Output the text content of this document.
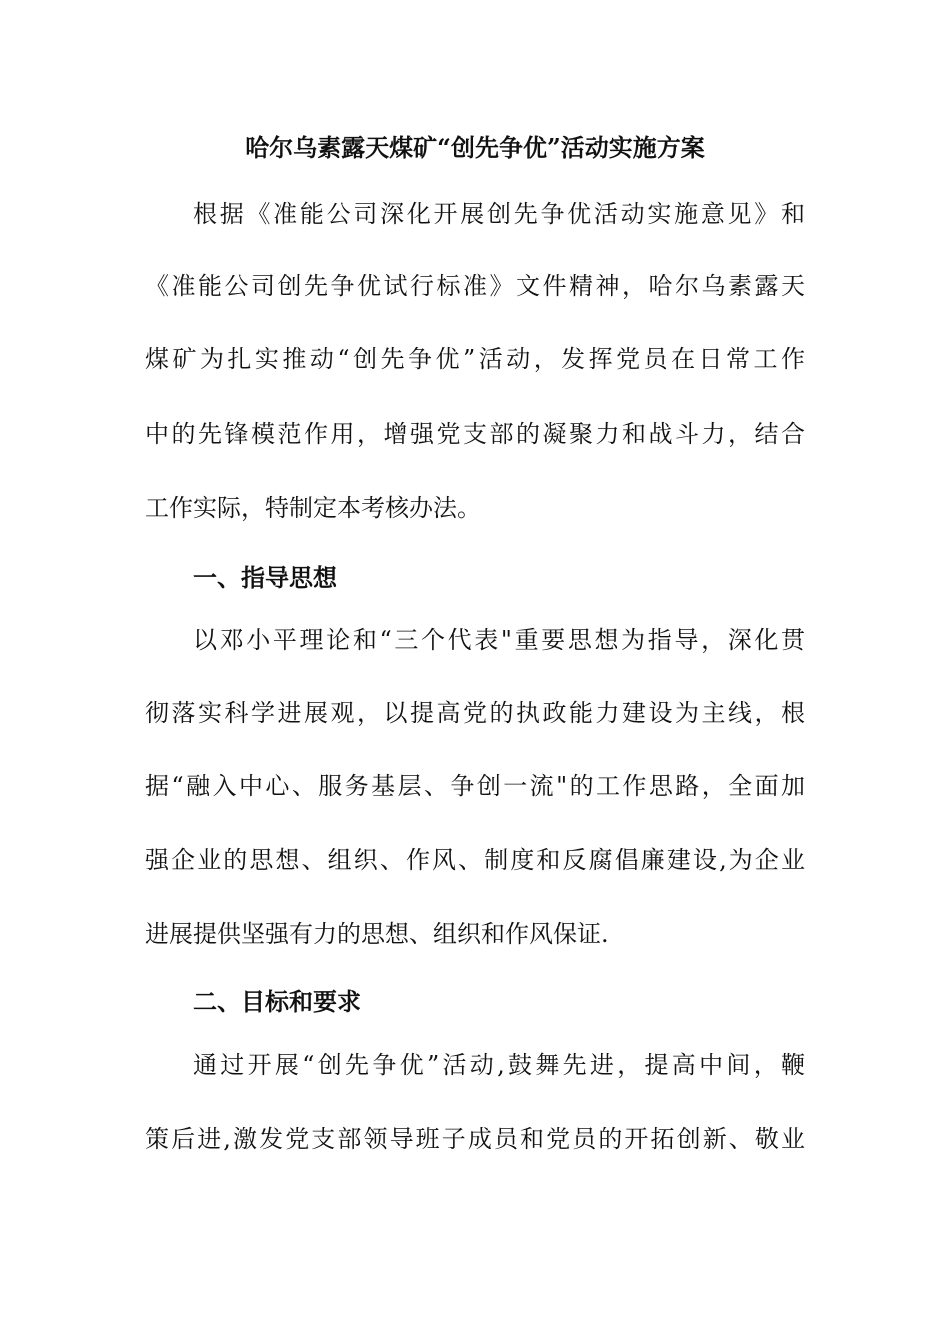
哈尔乌素露天煤矿“创先争优”活动实施方案

根据《准能公司深化开展创先争优活动实施意见》和

《准能公司创先争优试行标准》文件精神，哈尔乌素露天

煤矿为扎实推动“创先争优”活动，发挥党员在日常工作

中的先锋模范作用，增强党支部的凝聚力和战斗力，结合

工作实际，特制定本考核办法。

一、指导思想

以邓小平理论和“三个代表"重要思想为指导，深化贯

彻落实科学进展观，以提高党的执政能力建设为主线，根

据“融入中心、服务基层、争创一流"的工作思路，全面加

强企业的思想、组织、作风、制度和反腐倡廉建设,为企业

进展提供坚强有力的思想、组织和作风保证.

二、目标和要求

通过开展“创先争优”活动,鼓舞先进，提高中间，鞭

策后进,激发党支部领导班子成员和党员的开拓创新、敬业
